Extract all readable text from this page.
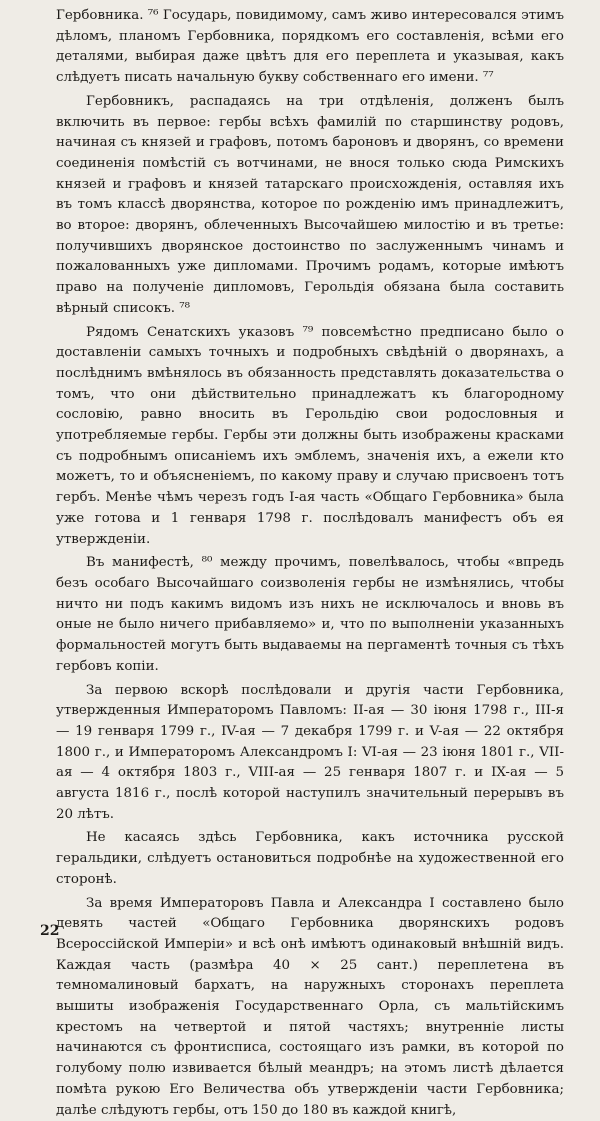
Гербовника. ⁷⁶ Государь, повидимому, самъ живо интересовался этимъ дѣломъ, планомъ Гербовника, порядкомъ его составленія, всѣми его деталями, выбирая даже цвѣтъ для его переплета и указывая, какъ слѣдуетъ писать начальную букву собственнаго его имени. ⁷⁷

Гербовникъ, распадаясь на три отдѣленія, долженъ былъ включить въ первое: гербы всѣхъ фамилій по старшинству родовъ, начиная съ князей и графовъ, потомъ бароновъ и дворянъ, со времени соединенія помѣстій съ вотчинами, не внося только сюда Римскихъ князей и графовъ и князей татарскаго происхожденія, оставляя ихъ въ томъ классѣ дворянства, которое по рожденію имъ принадлежитъ, во второе: дворянъ, облеченныхъ Высочайшею милостію и въ третье: получившихъ дворянское достоинство по заслуженнымъ чинамъ и пожалованныхъ уже дипломами. Прочимъ родамъ, которые имѣютъ право на полученіе дипломовъ, Герольдія обязана была составить вѣрный списокъ. ⁷⁸

Рядомъ Сенатскихъ указовъ ⁷⁹ повсемѣстно предписано было о доставленіи самыхъ точныхъ и подробныхъ свѣдѣній о дворянахъ, а послѣднимъ вмѣнялось въ обязанность представлять доказательства о томъ, что они дѣйствительно принадлежатъ къ благородному сословію, равно вносить въ Герольдію свои родословныя и употребляемые гербы. Гербы эти должны быть изображены красками съ подробнымъ описаніемъ ихъ эмблемъ, значенія ихъ, а ежели кто можетъ, то и объясненіемъ, по какому праву и случаю присвоенъ тотъ гербъ. Менѣе чѣмъ черезъ годъ I-ая часть «Общаго Гербовника» была уже готова и 1 генваря 1798 г. послѣдовалъ манифестъ объ ея утвержденіи.

Въ манифестѣ, ⁸⁰ между прочимъ, повелѣвалось, чтобы «впредь безъ особаго Высочайшаго соизволенія гербы не измѣнялись, чтобы ничто ни подъ какимъ видомъ изъ нихъ не исключалось и вновь въ оные не было ничего прибавляемо» и, что по выполненіи указанныхъ формальностей могутъ быть выдаваемы на пергаментѣ точныя съ тѣхъ гербовъ копіи.

За первою вскорѣ послѣдовали и другія части Гербовника, утвержденныя Императоромъ Павломъ: II-ая — 30 іюня 1798 г., III-я — 19 генваря 1799 г., IV-ая — 7 декабря 1799 г. и V-ая — 22 октября 1800 г., и Императоромъ Александромъ I: VI-ая — 23 іюня 1801 г., VII-ая — 4 октября 1803 г., VIII-ая — 25 генваря 1807 г. и IX-ая — 5 августа 1816 г., послѣ которой наступилъ значительный перерывъ въ 20 лѣтъ.

Не касаясь здѣсь Гербовника, какъ источника русской геральдики, слѣдуетъ остановиться подробнѣе на художественной его сторонѣ.

За время Императоровъ Павла и Александра I составлено было девять частей «Общаго Гербовника дворянскихъ родовъ Всероссійской Имперіи» и всѣ онѣ имѣютъ одинаковый внѣшній видъ. Каждая часть (размѣра 40 × 25 сант.) переплетена въ темномалиновый бархатъ, на наружныхъ сторонахъ переплета вышиты изображенія Государственнаго Орла, съ мальтійскимъ крестомъ на четвертой и пятой частяхъ; внутренніе листы начинаются съ фронтисписа, состоящаго изъ рамки, въ которой по голубому полю извивается бѣлый меандръ; на этомъ листѣ дѣлается помѣта рукою Его Величества объ утвержденіи части Гербовника; далѣе слѣдуютъ гербы, отъ 150 до 180 въ каждой книгѣ,

22
